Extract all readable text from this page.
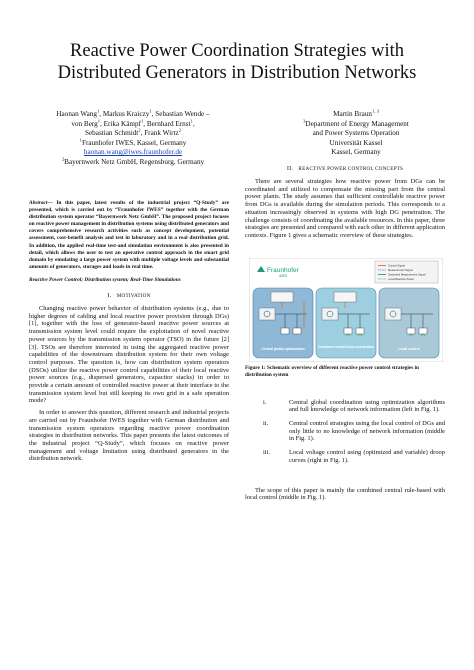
Reactive Power Coordination Strategies with
Distributed Generators in Distribution Networks
Haonan Wang$^1$, Markus Kraiczy$^1$, Sebastian Wende –
von Berg$^1$, Erika Kämpf$^1$, Bernhard Ernst$^1$,
Sebastian Schmidt$^2$, Frank Wirtz$^2$
$^1$Fraunhofer IWES, Kassel, Germany
haonan.wang@iwes.fraunhofer.de
$^2$Bayernwerk Netz GmbH, Regensburg, Germany
Martin Braun$^{1, 3}$
$^3$Department of Energy Management
and Power Systems Operation
Universität Kassel
Kassel, Germany
Abstract— In this paper, latest results of the industrial project “Q-Study” are presented, which is carried out by “Fraunhofer IWES” together with the German distribution system operator “Bayernwerk Netz GmbH”. The proposed project focuses on reactive power management in distribution systems using distributed generators and covers comprehensive research activities such as concept development, potential assessment, cost-benefit analysis and test in laboratory and in a real distribution grid. In addition, the applied real-time test-and simulation environment is also presented in detail, which allows the user to test an operative control approach in the smart grid domain by emulating a large power system with multiple voltage levels and substantial amounts of generators, storages and loads in real time.
Reactive Power Control; Distribution system; Real-Time Simulations
I. MOTIVATION

Changing reactive power behavior of distribution systems (e.g., due to higher degrees of cabling and local reactive power provision through DGs) [1], together with the loss of generator-based reactive power sources at transmission system level could require the exploitation of novel reactive power sources by the transmission system operator (TSO) in the future [2] [3]. TSOs are therefore interested in using the aggregated reactive power capabilities of the downstream distribution system for their own voltage control purposes. The question is, how can distribution system operators (DSOs) utilize the reactive power control capabilities of their local reactive power sources (e.g., dispersed generators, capacitor stacks) in order to provide a certain amount of controlled reactive power at their interface to the transmission system level but still keeping its own grid in a safe operation mode?

In order to answer this question, different research and industrial projects are carried out by Fraunhofer IWES together with German distribution and transmission system operators regarding reactive power coordination strategies in distribution networks. This paper presents the latest outcomes of the industrial project “Q-Study”, which focuses on reactive power management and voltage limitation using distributed generators in the distribution network.

II. REACTIVE POWER CONTROL CONCEPTS

There are several strategies how reactive power from DGs can be coordinated and utilized to compensate the missing part from the central power plants. The study assumes that sufficient controllable reactive power from DGs is available during the simulation periods. This corresponds to a situation increasingly observed in systems with high DG penetration. The challenge consists of coordinating the available resources. In this paper, three strategies are presented and compared with each other in different application contexts. Figure 1 gives a schematic overview of these strategies.

Fraunhofer
IWES
Control Signal
Measurement Signal
Optimised Measurement Signal
Local Reactive Power
Central global optimization	Combined central/ local coordination	Local control
Figure 1: Schematic overview of different reactive power control strategies in distribution system
i.	Central global coordination using optimization algorithms and full knowledge of network information (left in Fig. 1).
ii.	Central control strategies using the local control of DGs and only little to no knowledge of network information (middle in Fig. 1).
iii.	Local voltage control using (optimized and variable) droop curves (right in Fig. 1).

The scope of this paper is mainly the combined central rule-based with local control (middle in Fig. 1).
